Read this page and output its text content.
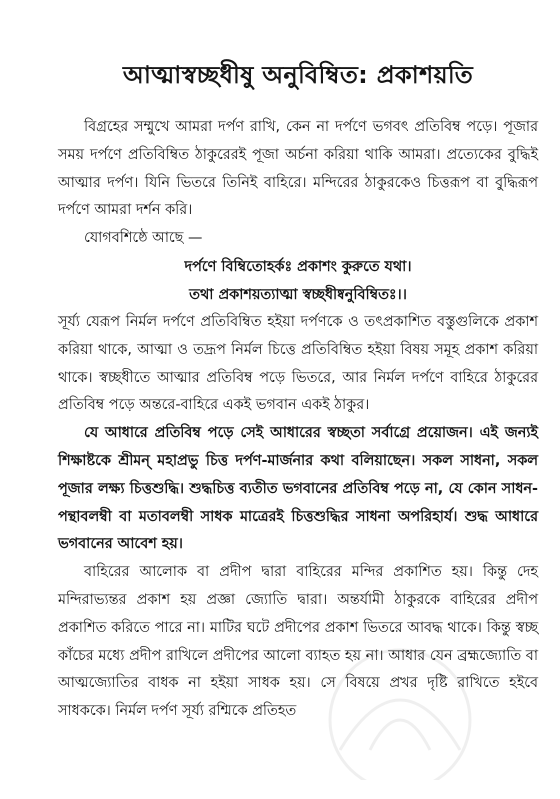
আত্মাস্বচ্ছধীষু অনুবিম্বিত: প্রকাশয়তি

বিগ্রহের সম্মুখে আমরা দর্পণ রাখি, কেন না দর্পণে ভগবৎ প্রতিবিম্ব পড়ে। পূজার সময় দর্পণে প্রতিবিম্বিত ঠাকুরেরই পূজা অর্চনা করিয়া থাকি আমরা। প্রত্যেকের বুদ্ধিই আত্মার দর্পণ। যিনি ভিতরে তিনিই বাহিরে। মন্দিরের ঠাকুরকেও চিত্তরূপ বা বুদ্ধিরূপ দর্পণে আমরা দর্শন করি।

যোগবশিষ্ঠে আছে —

দর্পণে বিম্বিতোহর্কঃ প্রকাশং কুরুতে যথা।

তথা প্রকাশয়ত্যাত্মা স্বচ্ছধীষ্বনুবিম্বিতঃ।।

সূর্য্য যেরূপ নির্মল দর্পণে প্রতিবিম্বিত হইয়া দর্পণকে ও তৎপ্রকাশিত বস্তুগুলিকে প্রকাশ করিয়া থাকে, আত্মা ও তদ্রূপ নির্মল চিত্তে প্রতিবিম্বিত হইয়া বিষয় সমূহ প্রকাশ করিয়া থাকে। স্বচ্ছধীতে আত্মার প্রতিবিম্ব পড়ে ভিতরে, আর নির্মল দর্পণে বাহিরে ঠাকুরের প্রতিবিম্ব পড়ে অন্তরে-বাহিরে একই ভগবান একই ঠাকুর।

যে আধারে প্রতিবিম্ব পড়ে সেই আধারের স্বচ্ছতা সর্বাগ্রে প্রয়োজন। এই জন্যই শিক্ষাষ্টকে শ্রীমন্ মহাপ্রভু চিত্ত দর্পণ-মার্জনার কথা বলিয়াছেন। সকল সাধনা, সকল পূজার লক্ষ্য চিত্তশুদ্ধি। শুদ্ধচিত্ত ব্যতীত ভগবানের প্রতিবিম্ব পড়ে না, যে কোন সাধন-পন্থাবলম্বী বা মতাবলম্বী সাধক মাত্রেরই চিত্তশুদ্ধির সাধনা অপরিহার্য। শুদ্ধ আধারে ভগবানের আবেশ হয়।

বাহিরের আলোক বা প্রদীপ দ্বারা বাহিরের মন্দির প্রকাশিত হয়। কিন্তু দেহ মন্দিরাভ্যন্তর প্রকাশ হয় প্রজ্ঞা জ্যোতি দ্বারা। অন্তর্যামী ঠাকুরকে বাহিরের প্রদীপ প্রকাশিত করিতে পারে না। মাটির ঘটে প্রদীপের প্রকাশ ভিতরে আবদ্ধ থাকে। কিন্তু স্বচ্ছ কাঁচের মধ্যে প্রদীপ রাখিলে প্রদীপের আলো ব্যাহত হয় না। আধার যেন ব্রহ্মজ্যোতি বা আত্মজ্যোতির বাধক না হইয়া সাধক হয়। সে বিষয়ে প্রখর দৃষ্টি রাখিতে হইবে সাধককে। নির্মল দর্পণ সূর্য্য রশ্মিকে প্রতিহত
